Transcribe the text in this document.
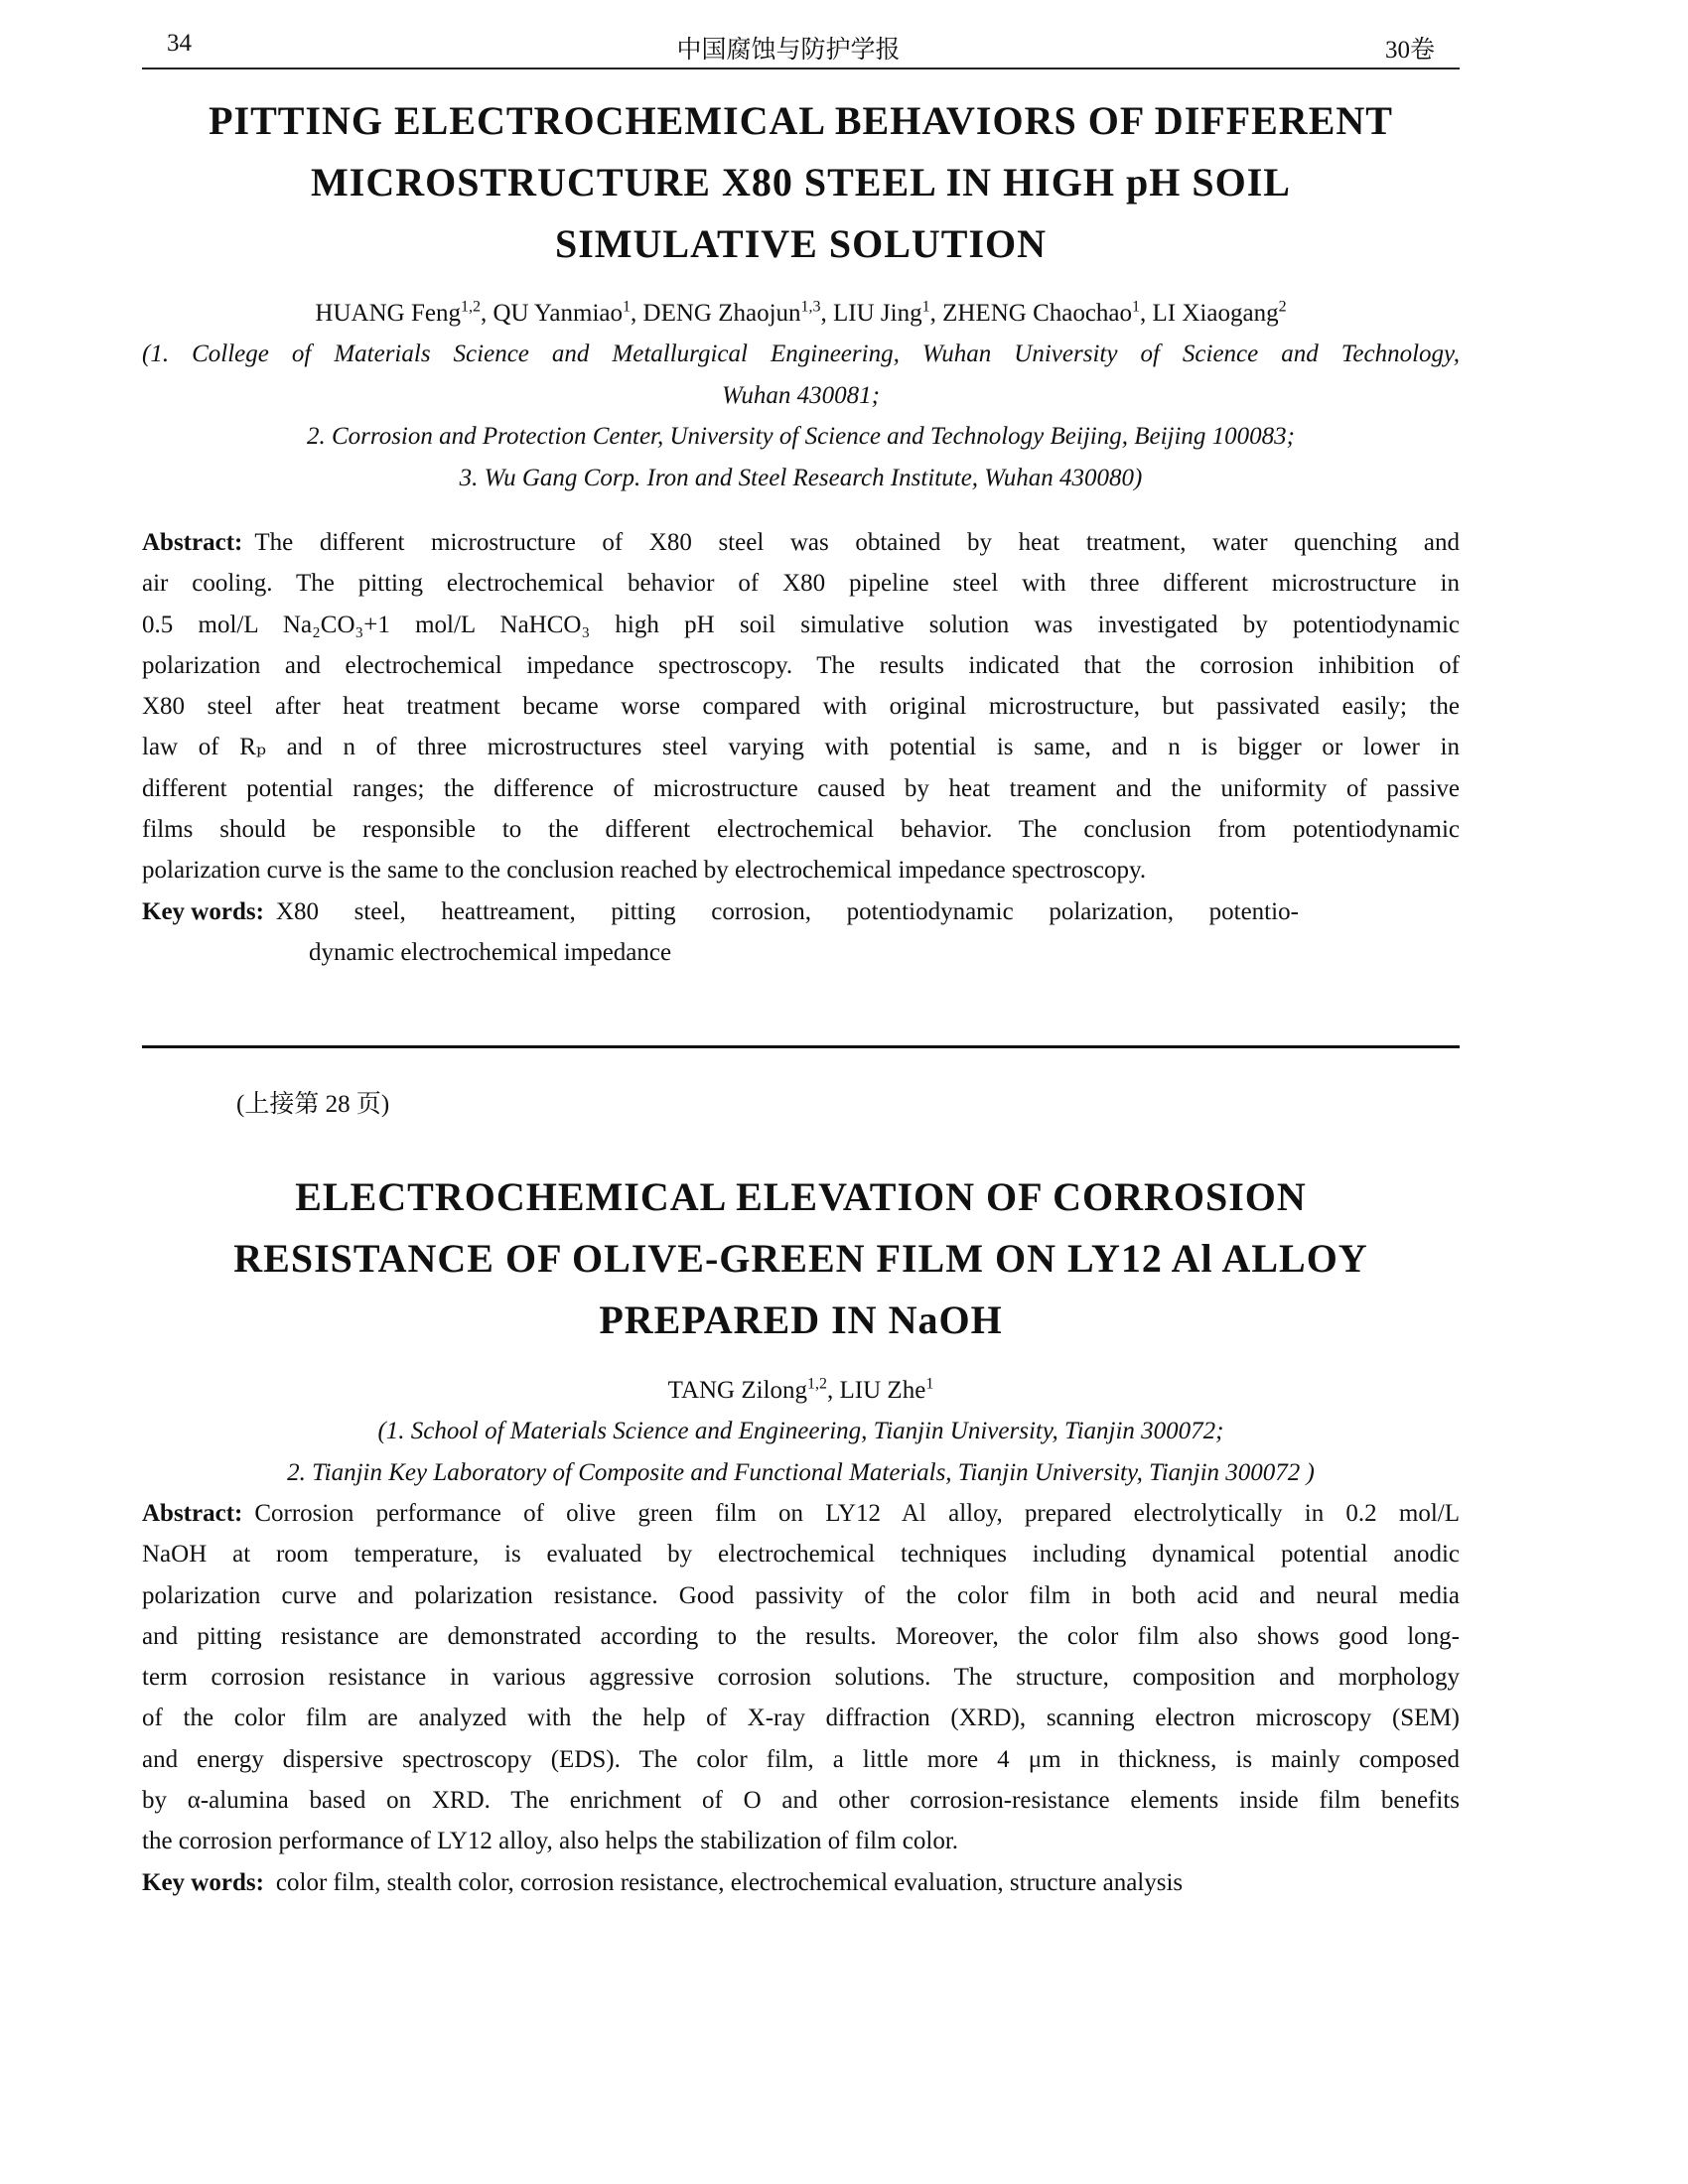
34	中国腐蚀与防护学报	30卷
PITTING ELECTROCHEMICAL BEHAVIORS OF DIFFERENT
MICROSTRUCTURE X80 STEEL IN HIGH pH SOIL
SIMULATIVE SOLUTION
HUANG Feng$^{1,2}$, QU Yanmiao$^1$, DENG Zhaojun$^{1,3}$, LIU Jing$^1$, ZHENG Chaochao$^1$, LI Xiaogang$^2$
(1. College of Materials Science and Metallurgical Engineering, Wuhan University of Science and Technology,
Wuhan 430081;
2. Corrosion and Protection Center, University of Science and Technology Beijing, Beijing 100083;
3. Wu Gang Corp. Iron and Steel Research Institute, Wuhan 430080)
Abstract: The different microstructure of X80 steel was obtained by heat treatment, water quenching and
air cooling. The pitting electrochemical behavior of X80 pipeline steel with three different microstructure in
0.5 mol/L Na₂CO₃+1 mol/L NaHCO₃ high pH soil simulative solution was investigated by potentiodynamic
polarization and electrochemical impedance spectroscopy. The results indicated that the corrosion inhibition of
X80 steel after heat treatment became worse compared with original microstructure, but passivated easily; the
law of Rₚ and n of three microstructures steel varying with potential is same, and n is bigger or lower in
different potential ranges; the difference of microstructure caused by heat treament and the uniformity of passive
films should be responsible to the different electrochemical behavior. The conclusion from potentiodynamic
polarization curve is the same to the conclusion reached by electrochemical impedance spectroscopy.
Key words: X80 steel, heattreament, pitting corrosion, potentiodynamic polarization, potentio-
dynamic electrochemical impedance
(上接第 28 页)
ELECTROCHEMICAL ELEVATION OF CORROSION
RESISTANCE OF OLIVE-GREEN FILM ON LY12 Al ALLOY
PREPARED IN NaOH
TANG Zilong$^{1,2}$, LIU Zhe$^1$
(1. School of Materials Science and Engineering, Tianjin University, Tianjin 300072;
2. Tianjin Key Laboratory of Composite and Functional Materials, Tianjin University, Tianjin 300072 )
Abstract: Corrosion performance of olive green film on LY12 Al alloy, prepared electrolytically in 0.2 mol/L
NaOH at room temperature, is evaluated by electrochemical techniques including dynamical potential anodic
polarization curve and polarization resistance. Good passivity of the color film in both acid and neural media
and pitting resistance are demonstrated according to the results. Moreover, the color film also shows good long-
term corrosion resistance in various aggressive corrosion solutions. The structure, composition and morphology
of the color film are analyzed with the help of X-ray diffraction (XRD), scanning electron microscopy (SEM)
and energy dispersive spectroscopy (EDS). The color film, a little more 4 μm in thickness, is mainly composed
by α-alumina based on XRD. The enrichment of O and other corrosion-resistance elements inside film benefits
the corrosion performance of LY12 alloy, also helps the stabilization of film color.
Key words: color film, stealth color, corrosion resistance, electrochemical evaluation, structure analysis
